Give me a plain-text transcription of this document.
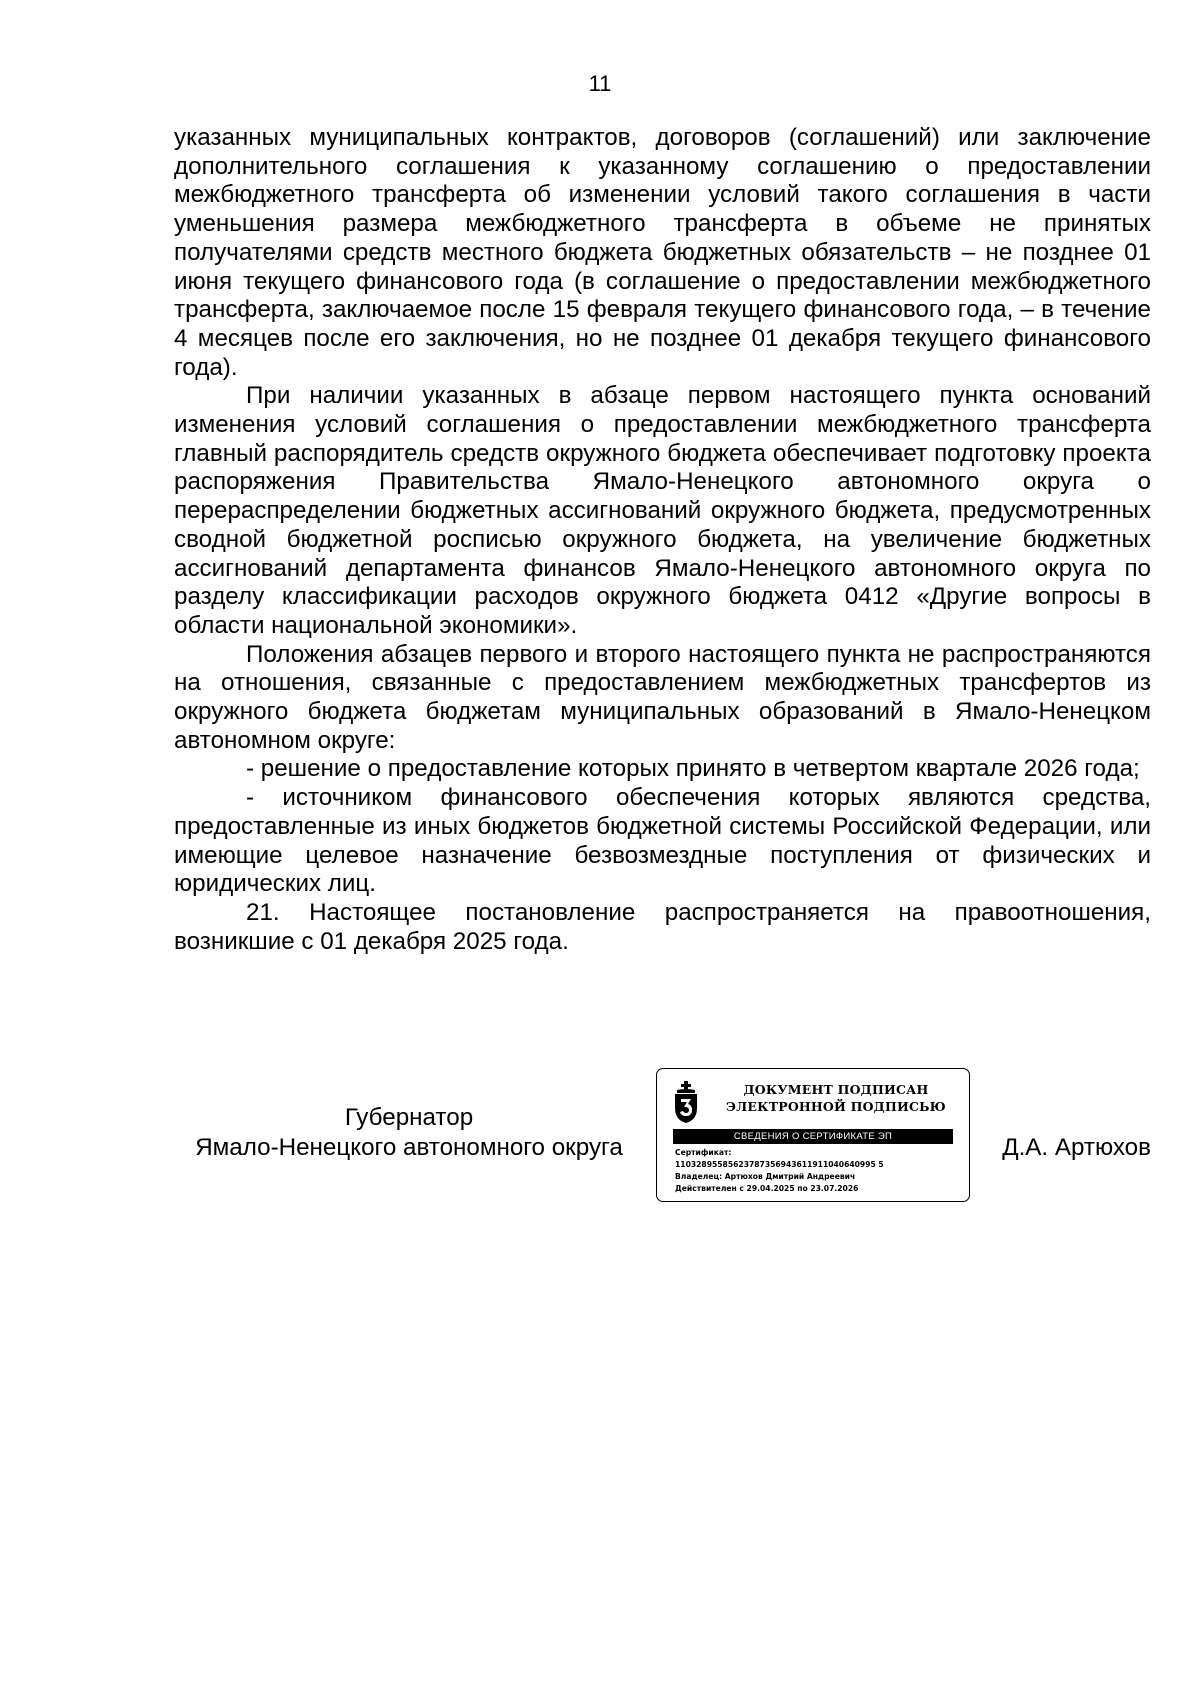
11

указанных муниципальных контрактов, договоров (соглашений) или заключение дополнительного соглашения к указанному соглашению о предоставлении межбюджетного трансферта об изменении условий такого соглашения в части уменьшения размера межбюджетного трансферта в объеме не принятых получателями средств местного бюджета бюджетных обязательств – не позднее 01 июня текущего финансового года (в соглашение о предоставлении межбюджетного трансферта, заключаемое после 15 февраля текущего финансового года, – в течение 4 месяцев после его заключения, но не позднее 01 декабря текущего финансового года).

При наличии указанных в абзаце первом настоящего пункта оснований изменения условий соглашения о предоставлении межбюджетного трансферта главный распорядитель средств окружного бюджета обеспечивает подготовку проекта распоряжения Правительства Ямало-Ненецкого автономного округа о перераспределении бюджетных ассигнований окружного бюджета, предусмотренных сводной бюджетной росписью окружного бюджета, на увеличение бюджетных ассигнований департамента финансов Ямало-Ненецкого автономного округа по разделу классификации расходов окружного бюджета 0412 «Другие вопросы в области национальной экономики».

Положения абзацев первого и второго настоящего пункта не распространяются на отношения, связанные с предоставлением межбюджетных трансфертов из окружного бюджета бюджетам муниципальных образований в Ямало-Ненецком автономном округе:

- решение о предоставление которых принято в четвертом квартале 2026 года;

- источником финансового обеспечения которых являются средства, предоставленные из иных бюджетов бюджетной системы Российской Федерации, или имеющие целевое назначение безвозмездные поступления от физических и юридических лиц.

21. Настоящее постановление распространяется на правоотношения, возникшие с 01 декабря 2025 года.

Губернатор
Ямало-Ненецкого автономного округа
ДОКУМЕНТ ПОДПИСАН
ЭЛЕКТРОННОЙ ПОДПИСЬЮ
СВЕДЕНИЯ О СЕРТИФИКАТЕ ЭП
Сертификат:
11032895585623787356943611911040640995 5
Владелец: Артюхов Дмитрий Андреевич
Действителен с 29.04.2025 по 23.07.2026
Д.А. Артюхов
